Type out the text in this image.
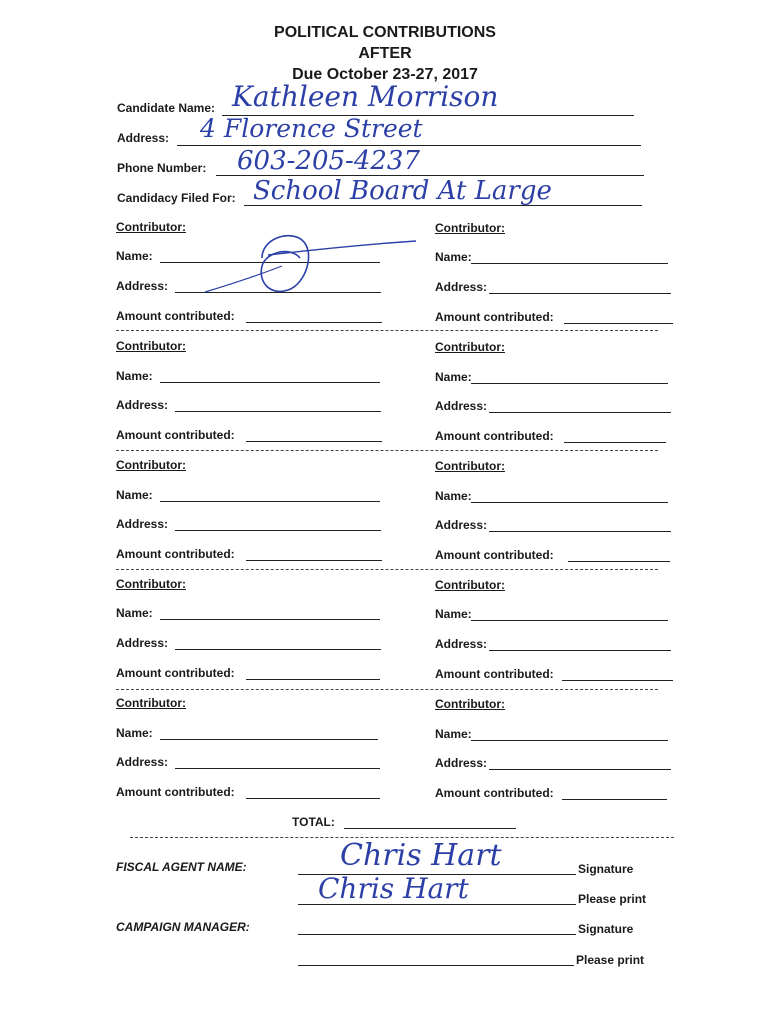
POLITICAL CONTRIBUTIONS
AFTER
Due October 23-27, 2017
Candidate Name: Kathleen Morrison
Address: 4 Florence Street
Phone Number: 603-205-4237
Candidacy Filed For: School Board At Large
Contributor:
Name:
Address:
Amount contributed:
Contributor:
Name:
Address:
Amount contributed:
Contributor:
Name:
Address:
Amount contributed:
Contributor:
Name:
Address:
Amount contributed:
Contributor:
Name:
Address:
Amount contributed:
Contributor:
Name:
Address:
Amount contributed:
Contributor:
Name:
Address:
Amount contributed:
Contributor:
Name:
Address:
Amount contributed:
Contributor:
Name:
Address:
Amount contributed:
Contributor:
Name:
Address:
Amount contributed:
TOTAL:
FISCAL AGENT NAME:	Chris Hart	Signature
Chris Hart	Please print
CAMPAIGN MANAGER:	Signature
Please print
